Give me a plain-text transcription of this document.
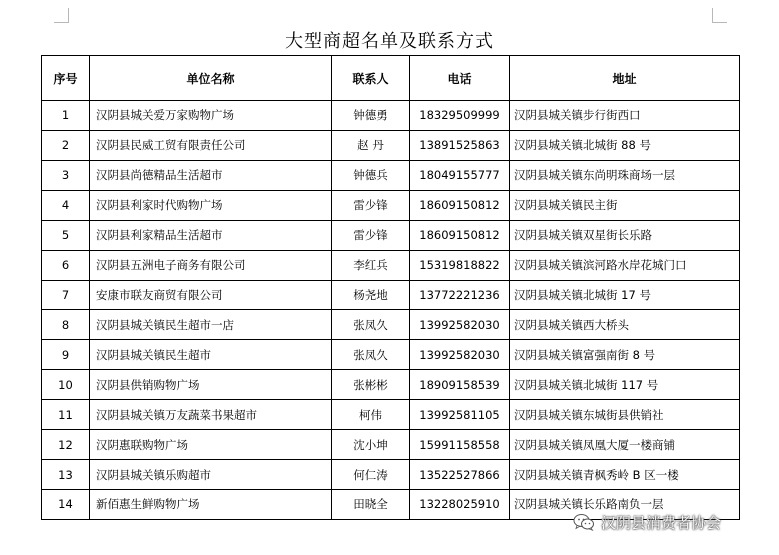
大型商超名单及联系方式
序号	单位名称	联系人	电话	地址
1	汉阴县城关爱万家购物广场	钟德勇	18329509999	汉阴县城关镇步行街西口
2	汉阴县民威工贸有限责任公司	赵 丹	13891525863	汉阴县城关镇北城街 88 号
3	汉阴县尚德精品生活超市	钟德兵	18049155777	汉阴县城关镇东尚明珠商场一层
4	汉阴县利家时代购物广场	雷少锋	18609150812	汉阴县城关镇民主街
5	汉阴县利家精品生活超市	雷少锋	18609150812	汉阴县城关镇双星街长乐路
6	汉阴县五洲电子商务有限公司	李红兵	15319818822	汉阴县城关镇滨河路水岸花城门口
7	安康市联友商贸有限公司	杨尧地	13772221236	汉阴县城关镇北城街 17 号
8	汉阴县城关镇民生超市一店	张凤久	13992582030	汉阴县城关镇西大桥头
9	汉阴县城关镇民生超市	张凤久	13992582030	汉阴县城关镇富强南街 8 号
10	汉阴县供销购物广场	张彬彬	18909158539	汉阴县城关镇北城街 117 号
11	汉阴县城关镇万友蔬菜书果超市	柯伟	13992581105	汉阴县城关镇东城街县供销社
12	汉阴惠联购物广场	沈小坤	15991158558	汉阴县城关镇凤凰大厦一楼商铺
13	汉阴县城关镇乐购超市	何仁涛	13522527866	汉阴县城关镇青枫秀岭 B 区一楼
14	新佰惠生鲜购物广场	田晓全	13228025910	汉阴县城关镇长乐路南负一层
汉阴县消费者协会
